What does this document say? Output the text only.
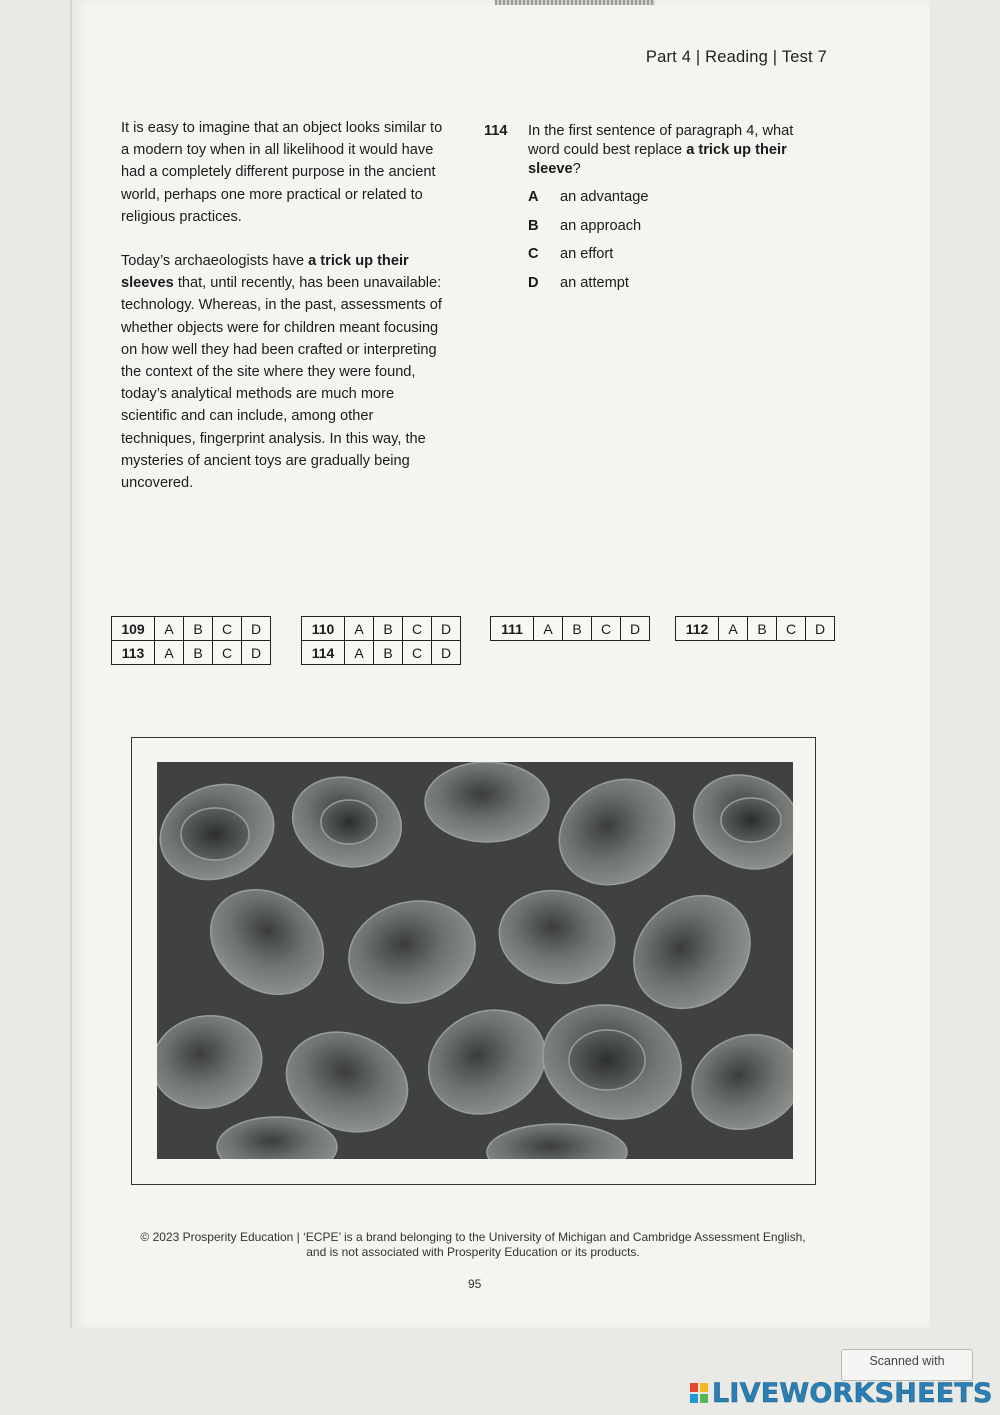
Part 4 | Reading | Test 7

It is easy to imagine that an object looks similar to a modern toy when in all likelihood it would have had a completely different purpose in the ancient world, perhaps one more practical or related to religious practices.

Today’s archaeologists have a trick up their sleeves that, until recently, has been unavailable: technology. Whereas, in the past, assessments of whether objects were for children meant focusing on how well they had been crafted or interpreting the context of the site where they were found, today’s analytical methods are much more scientific and can include, among other techniques, fingerprint analysis. In this way, the mysteries of ancient toys are gradually being uncovered.

114 In the first sentence of paragraph 4, what word could best replace a trick up their sleeve?
A	an advantage
B	an approach
C	an effort
D	an attempt
109	A	B	C	D
113	A	B	C	D
110	A	B	C	D
114	A	B	C	D
111	A	B	C	D	112	A	B	C	D
© 2023 Prosperity Education | ‘ECPE’ is a brand belonging to the University of Michigan and Cambridge Assessment English,
and is not associated with Prosperity Education or its products.
95
Scanned with
LIVEWORKSHEETS
